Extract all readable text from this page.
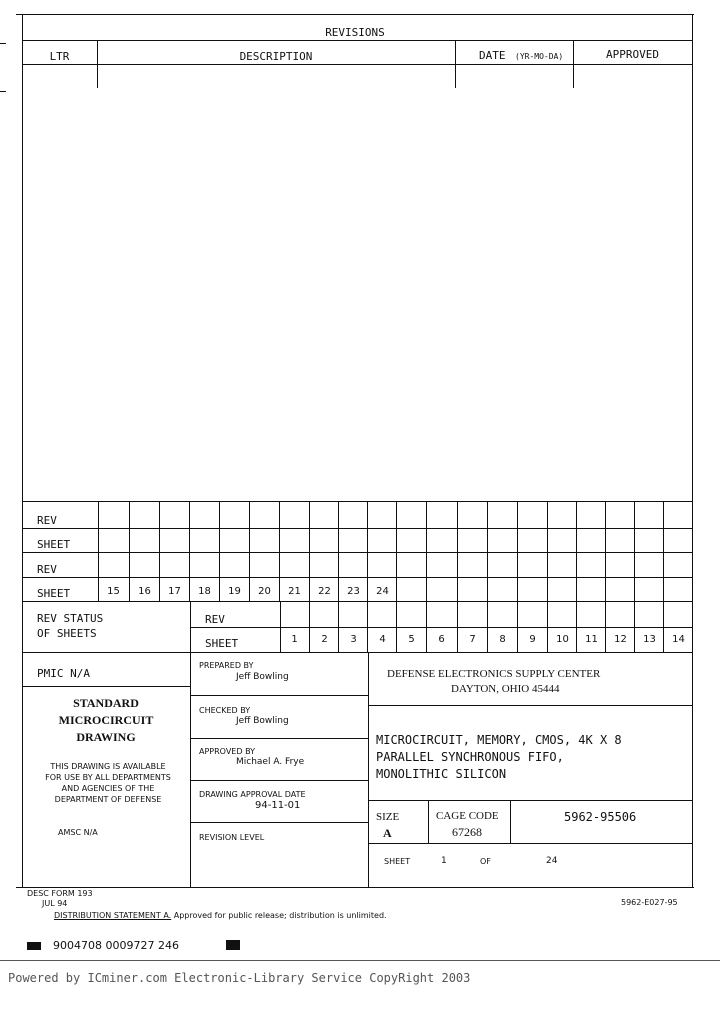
REVISIONS
LTR	DESCRIPTION	DATE (YR-MO-DA)	APPROVED
REV
SHEET
REV
SHEET	15	16	17	18	19	20	21	22	23	24
REV STATUS
OF SHEETS
REV
SHEET	1	2	3	4	5	6	7	8	9	10	11	12	13	14
PMIC N/A
STANDARD
MICROCIRCUIT
DRAWING
THIS DRAWING IS AVAILABLE
FOR USE BY ALL DEPARTMENTS
AND AGENCIES OF THE
DEPARTMENT OF DEFENSE
AMSC N/A
PREPARED BY
Jeff Bowling
CHECKED BY
Jeff Bowling
APPROVED BY
Michael A. Frye
DRAWING APPROVAL DATE
94-11-01
REVISION LEVEL
DEFENSE ELECTRONICS SUPPLY CENTER
DAYTON, OHIO 45444
MICROCIRCUIT, MEMORY, CMOS, 4K X 8
PARALLEL SYNCHRONOUS FIFO,
MONOLITHIC SILICON
SIZE
A
CAGE CODE
67268
5962-95506
SHEET	1	OF	24
DESC FORM 193
JUL 94	5962-E027-95
DISTRIBUTION STATEMENT A. Approved for public release; distribution is unlimited.
9004708 0009727 246
Powered by ICminer.com Electronic-Library Service CopyRight 2003
